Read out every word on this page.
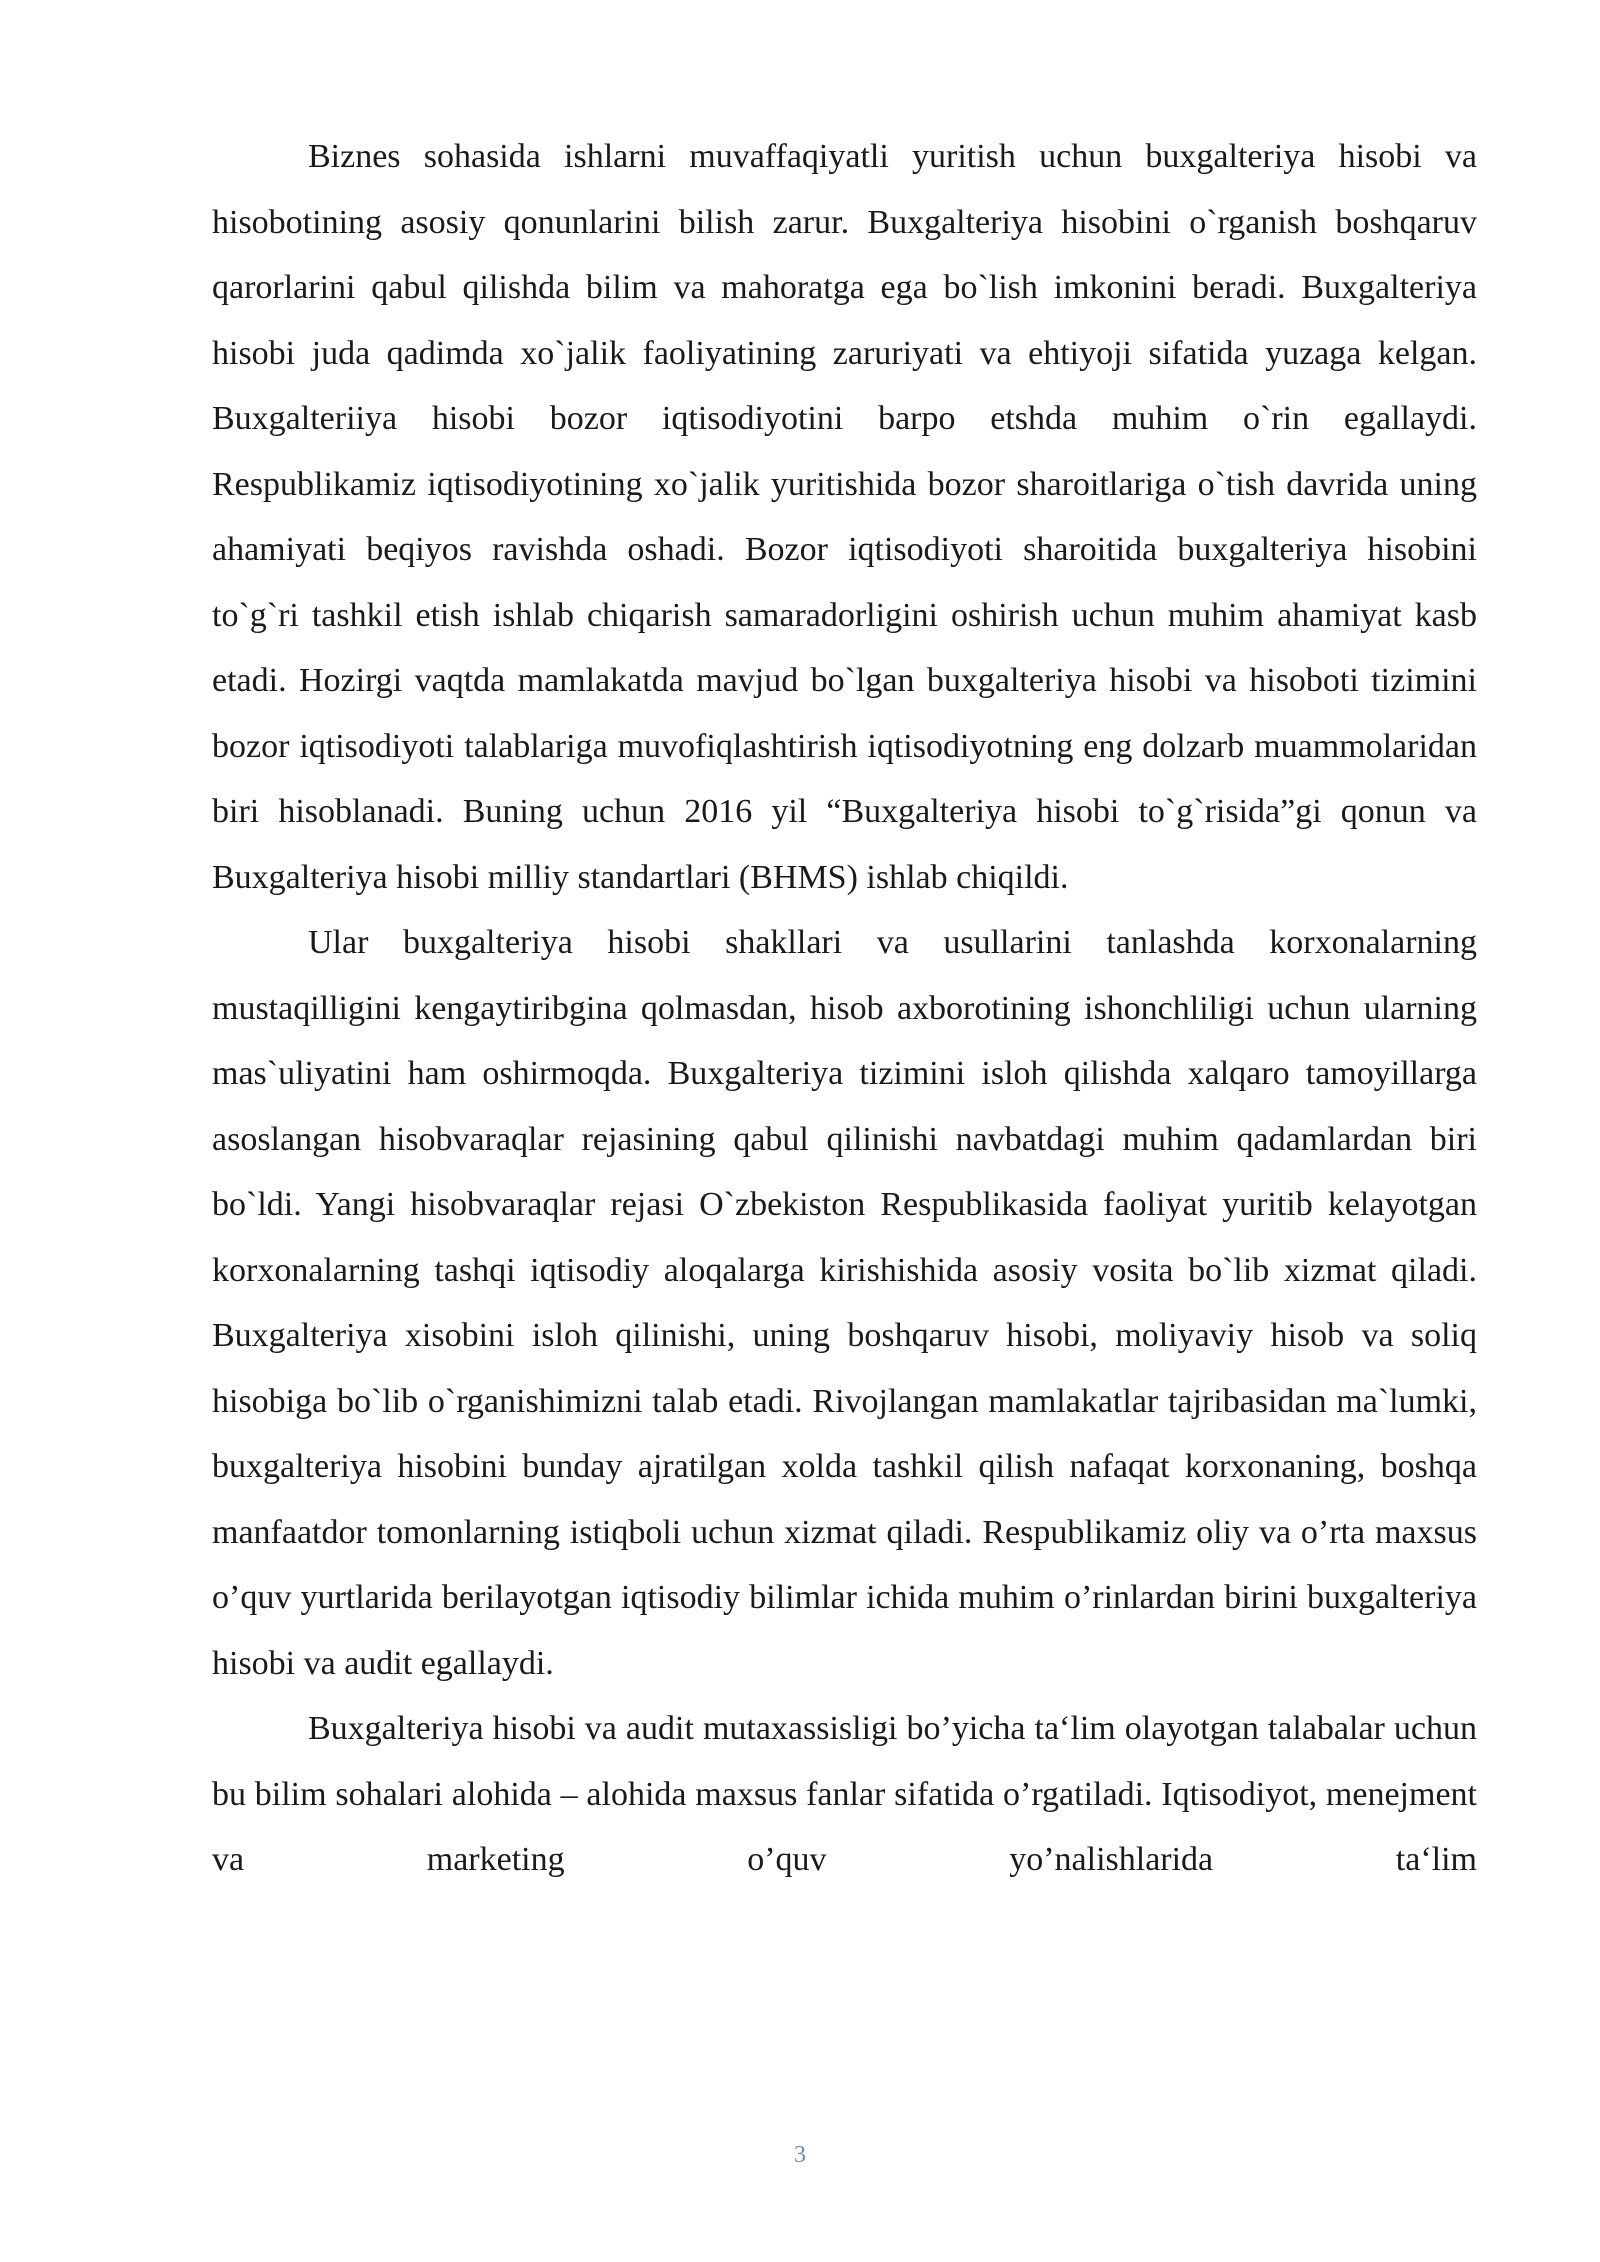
Biznes sohasida ishlarni muvaffaqiyatli yuritish uchun buxgalteriya hisobi va hisobotining asosiy qonunlarini bilish zarur. Buxgalteriya hisobini o`rganish boshqaruv qarorlarini qabul qilishda bilim va mahoratga ega bo`lish imkonini beradi. Buxgalteriya hisobi juda qadimda xo`jalik faoliyatining zaruriyati va ehtiyoji sifatida yuzaga kelgan. Buxgalteriiya hisobi bozor iqtisodiyotini barpo etshda muhim o`rin egallaydi. Respublikamiz iqtisodiyotining xo`jalik yuritishida bozor sharoitlariga o`tish davrida uning ahamiyati beqiyos ravishda oshadi. Bozor iqtisodiyoti sharoitida buxgalteriya hisobini to`g`ri tashkil etish ishlab chiqarish samaradorligini oshirish uchun muhim ahamiyat kasb etadi. Hozirgi vaqtda mamlakatda mavjud bo`lgan buxgalteriya hisobi va hisoboti tizimini bozor iqtisodiyoti talablariga muvofiqlashtirish iqtisodiyotning eng dolzarb muammolaridan biri hisoblanadi. Buning uchun 2016 yil “Buxgalteriya hisobi to`g`risida”gi qonun va Buxgalteriya hisobi milliy standartlari (BHMS) ishlab chiqildi.

Ular buxgalteriya hisobi shakllari va usullarini tanlashda korxonalarning mustaqilligini kengaytiribgina qolmasdan, hisob axborotining ishonchliligi uchun ularning mas`uliyatini ham oshirmoqda. Buxgalteriya tizimini isloh qilishda xalqaro tamoyillarga asoslangan hisobvaraqlar rejasining qabul qilinishi navbatdagi muhim qadamlardan biri bo`ldi. Yangi hisobvaraqlar rejasi O`zbekiston Respublikasida faoliyat yuritib kelayotgan korxonalarning tashqi iqtisodiy aloqalarga kirishishida asosiy vosita bo`lib xizmat qiladi. Buxgalteriya xisobini isloh qilinishi, uning boshqaruv hisobi, moliyaviy hisob va soliq hisobiga bo`lib o`rganishimizni talab etadi. Rivojlangan mamlakatlar tajribasidan ma`lumki, buxgalteriya hisobini bunday ajratilgan xolda tashkil qilish nafaqat korxonaning, boshqa manfaatdor tomonlarning istiqboli uchun xizmat qiladi. Respublikamiz oliy va o’rta maxsus o’quv yurtlarida berilayotgan iqtisodiy bilimlar ichida muhim o’rinlardan birini buxgalteriya hisobi va audit egallaydi.

Buxgalteriya hisobi va audit mutaxassisligi bo’yicha ta‘lim olayotgan talabalar uchun bu bilim sohalari alohida – alohida maxsus fanlar sifatida o’rgatiladi. Iqtisodiyot, menejment va marketing o’quv yo’nalishlarida ta‘lim

3
